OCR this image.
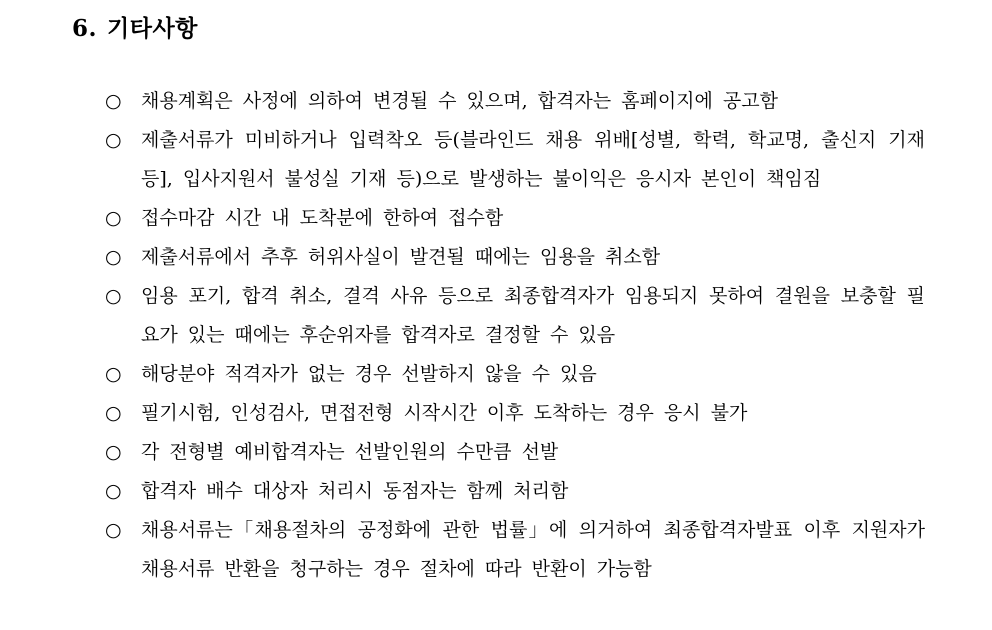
6. 기타사항
○	채용계획은 사정에 의하여 변경될 수 있으며, 합격자는 홈페이지에 공고함
○	제출서류가 미비하거나 입력착오 등(블라인드 채용 위배[성별, 학력, 학교명, 출신지 기재 등], 입사지원서 불성실 기재 등)으로 발생하는 불이익은 응시자 본인이 책임짐
○	접수마감 시간 내 도착분에 한하여 접수함
○	제출서류에서 추후 허위사실이 발견될 때에는 임용을 취소함
○	임용 포기, 합격 취소, 결격 사유 등으로 최종합격자가 임용되지 못하여 결원을 보충할 필요가 있는 때에는 후순위자를 합격자로 결정할 수 있음
○	해당분야 적격자가 없는 경우 선발하지 않을 수 있음
○	필기시험, 인성검사, 면접전형 시작시간 이후 도착하는 경우 응시 불가
○	각 전형별 예비합격자는 선발인원의 수만큼 선발
○	합격자 배수 대상자 처리시 동점자는 함께 처리함
○	채용서류는「채용절차의 공정화에 관한 법률」에 의거하여 최종합격자발표 이후 지원자가 채용서류 반환을 청구하는 경우 절차에 따라 반환이 가능함
